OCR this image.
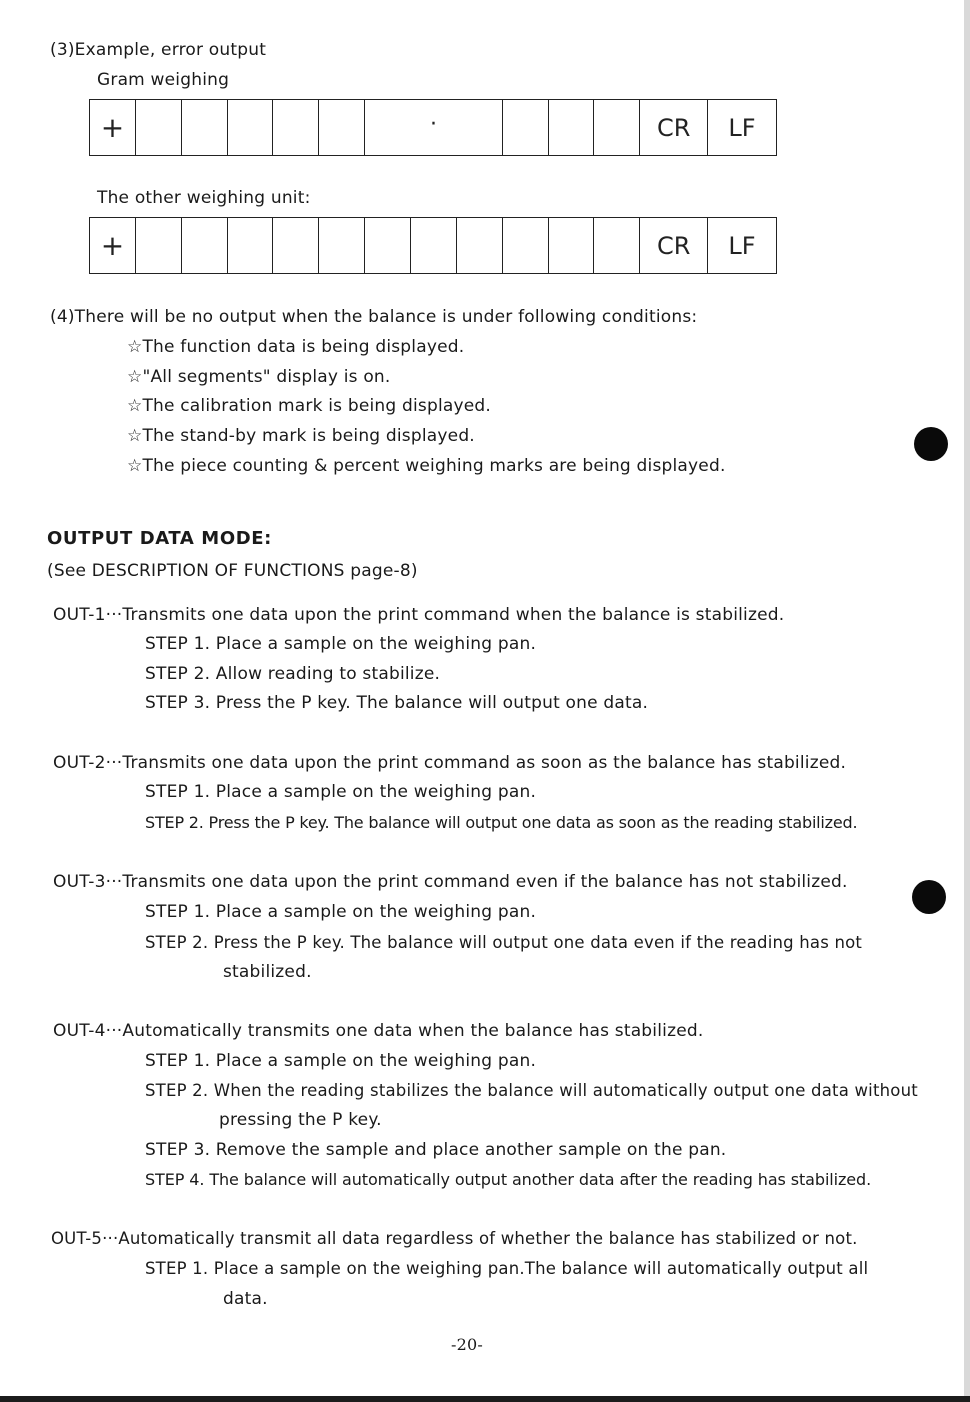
(3)Example, error output
Gram weighing
+	·	CR	LF
The other weighing unit:
+	CR	LF
(4)There will be no output when the balance is under following conditions:
☆The function data is being displayed.
☆"All segments" display is on.
☆The calibration mark is being displayed.
☆The stand-by mark is being displayed.
☆The piece counting & percent weighing marks are being displayed.
OUTPUT DATA MODE:
(See DESCRIPTION OF FUNCTIONS page-8)
OUT-1···Transmits one data upon the print command when the balance is stabilized.
STEP 1. Place a sample on the weighing pan.
STEP 2. Allow reading to stabilize.
STEP 3. Press the P key. The balance will output one data.
OUT-2···Transmits one data upon the print command as soon as the balance has stabilized.
STEP 1. Place a sample on the weighing pan.
STEP 2. Press the P key. The balance will output one data as soon as the reading stabilized.
OUT-3···Transmits one data upon the print command even if the balance has not stabilized.
STEP 1. Place a sample on the weighing pan.
STEP 2. Press the P key. The balance will output one data even if the reading has not
stabilized.
OUT-4···Automatically transmits one data when the balance has stabilized.
STEP 1. Place a sample on the weighing pan.
STEP 2. When the reading stabilizes the balance will automatically output one data without
pressing the P key.
STEP 3. Remove the sample and place another sample on the pan.
STEP 4. The balance will automatically output another data after the reading has stabilized.
OUT-5···Automatically transmit all data regardless of whether the balance has stabilized or not.
STEP 1. Place a sample on the weighing pan.The balance will automatically output all
data.
-20-
